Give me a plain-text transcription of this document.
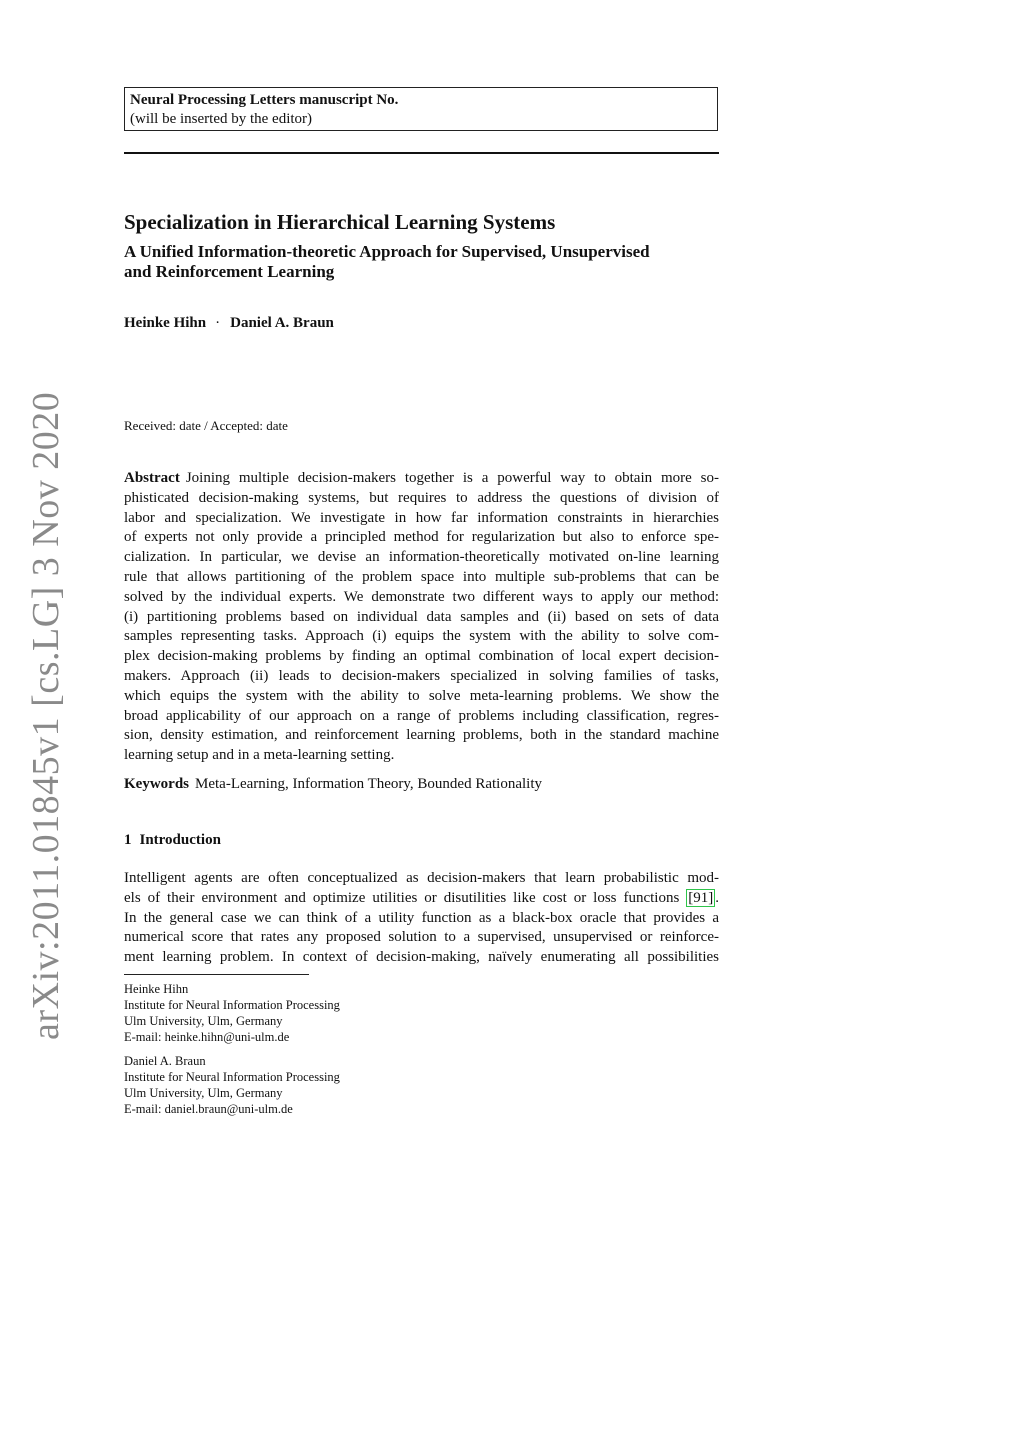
arXiv:2011.01845v1 [cs.LG] 3 Nov 2020
Neural Processing Letters manuscript No.
(will be inserted by the editor)
Specialization in Hierarchical Learning Systems
A Unified Information-theoretic Approach for Supervised, Unsupervised
and Reinforcement Learning
Heinke Hihn · Daniel A. Braun
Received: date / Accepted: date
Abstract Joining multiple decision-makers together is a powerful way to obtain more so-
phisticated decision-making systems, but requires to address the questions of division of
labor and specialization. We investigate in how far information constraints in hierarchies
of experts not only provide a principled method for regularization but also to enforce spe-
cialization. In particular, we devise an information-theoretically motivated on-line learning
rule that allows partitioning of the problem space into multiple sub-problems that can be
solved by the individual experts. We demonstrate two different ways to apply our method:
(i) partitioning problems based on individual data samples and (ii) based on sets of data
samples representing tasks. Approach (i) equips the system with the ability to solve com-
plex decision-making problems by finding an optimal combination of local expert decision-
makers. Approach (ii) leads to decision-makers specialized in solving families of tasks,
which equips the system with the ability to solve meta-learning problems. We show the
broad applicability of our approach on a range of problems including classification, regres-
sion, density estimation, and reinforcement learning problems, both in the standard machine
learning setup and in a meta-learning setting.
Keywords Meta-Learning, Information Theory, Bounded Rationality
1 Introduction
Intelligent agents are often conceptualized as decision-makers that learn probabilistic mod-
els of their environment and optimize utilities or disutilities like cost or loss functions [91] .
In the general case we can think of a utility function as a black-box oracle that provides a
numerical score that rates any proposed solution to a supervised, unsupervised or reinforce-
ment learning problem. In context of decision-making, naïvely enumerating all possibilities
Heinke Hihn
Institute for Neural Information Processing
Ulm University, Ulm, Germany
E-mail: heinke.hihn@uni-ulm.de
Daniel A. Braun
Institute for Neural Information Processing
Ulm University, Ulm, Germany
E-mail: daniel.braun@uni-ulm.de
